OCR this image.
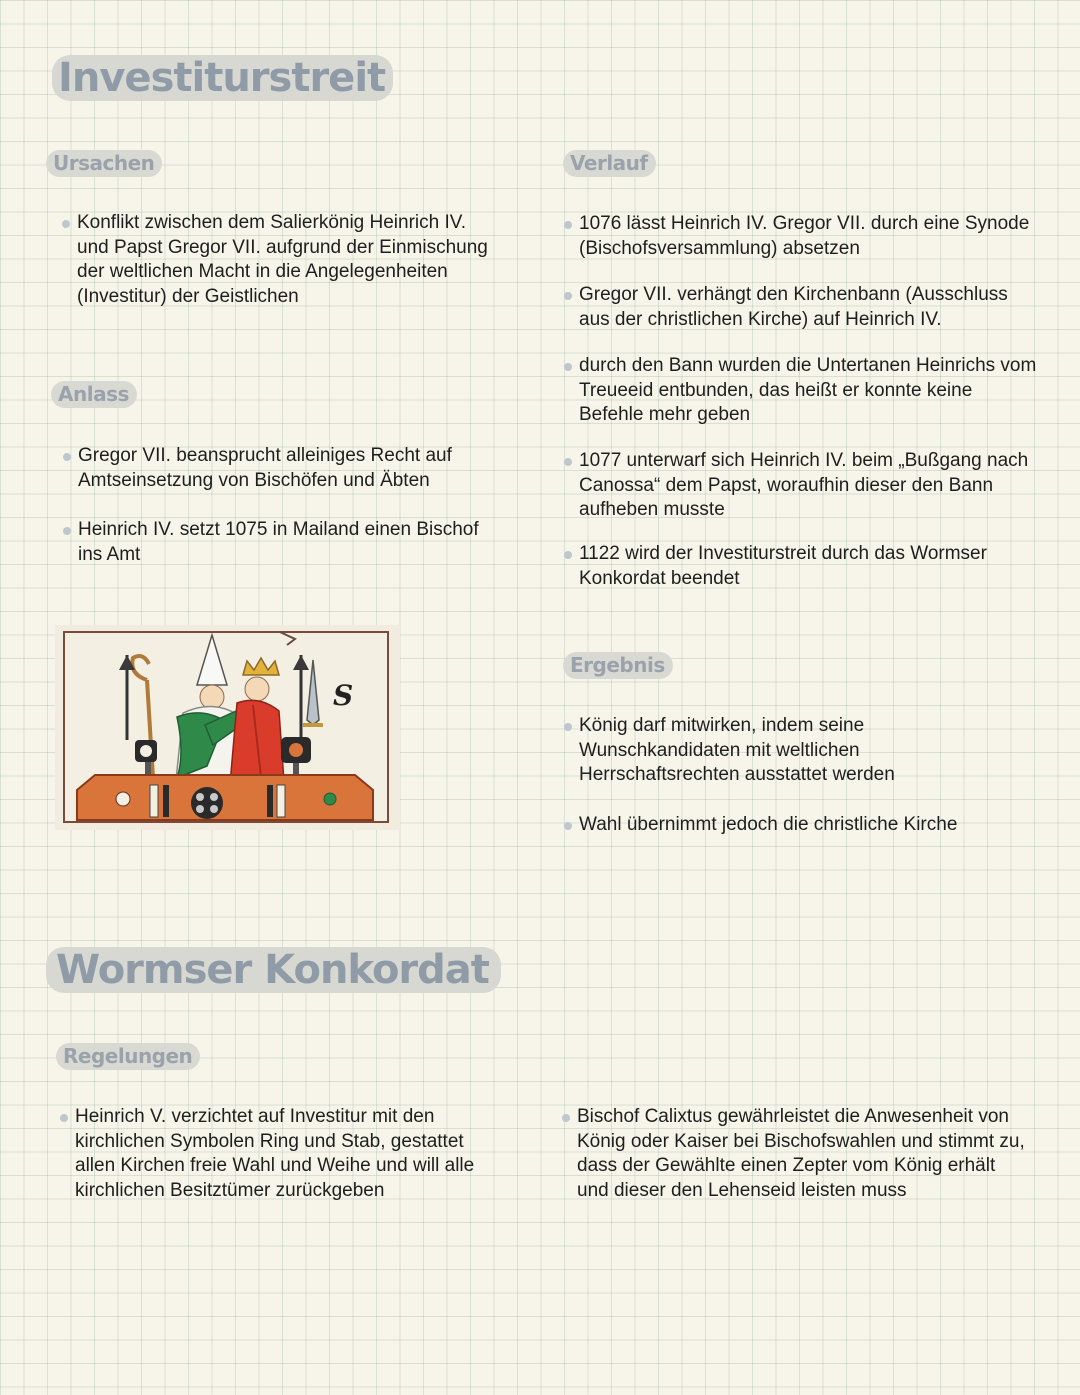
Investiturstreit
Ursachen
Konflikt zwischen dem Salierkönig Heinrich IV. und Papst Gregor VII. aufgrund der Einmischung der weltlichen Macht in die Angelegenheiten (Investitur) der Geistlichen
Anlass
Gregor VII. beansprucht alleiniges Recht auf Amtseinsetzung von Bischöfen und Äbten
Heinrich IV. setzt 1075 in Mailand einen Bischof ins Amt
S
Verlauf
1076 lässt Heinrich IV. Gregor VII. durch eine Synode (Bischofsversammlung) absetzen
Gregor VII. verhängt den Kirchenbann (Ausschluss aus der christlichen Kirche) auf Heinrich IV.
durch den Bann wurden die Untertanen Heinrichs vom Treueeid entbunden, das heißt er konnte keine Befehle mehr geben
1077 unterwarf sich Heinrich IV. beim „Bußgang nach Canossa“ dem Papst, woraufhin dieser den Bann aufheben musste
1122 wird der Investiturstreit durch das Wormser Konkordat beendet
Ergebnis
König darf mitwirken, indem seine Wunschkandidaten mit weltlichen Herrschaftsrechten ausstattet werden
Wahl übernimmt jedoch die christliche Kirche
Wormser Konkordat
Regelungen
Heinrich V. verzichtet auf Investitur mit den kirchlichen Symbolen Ring und Stab, gestattet allen Kirchen freie Wahl und Weihe und will alle kirchlichen Besitztümer zurückgeben
Bischof Calixtus gewährleistet die Anwesenheit von König oder Kaiser bei Bischofswahlen und stimmt zu, dass der Gewählte einen Zepter vom König erhält und dieser den Lehenseid leisten muss
